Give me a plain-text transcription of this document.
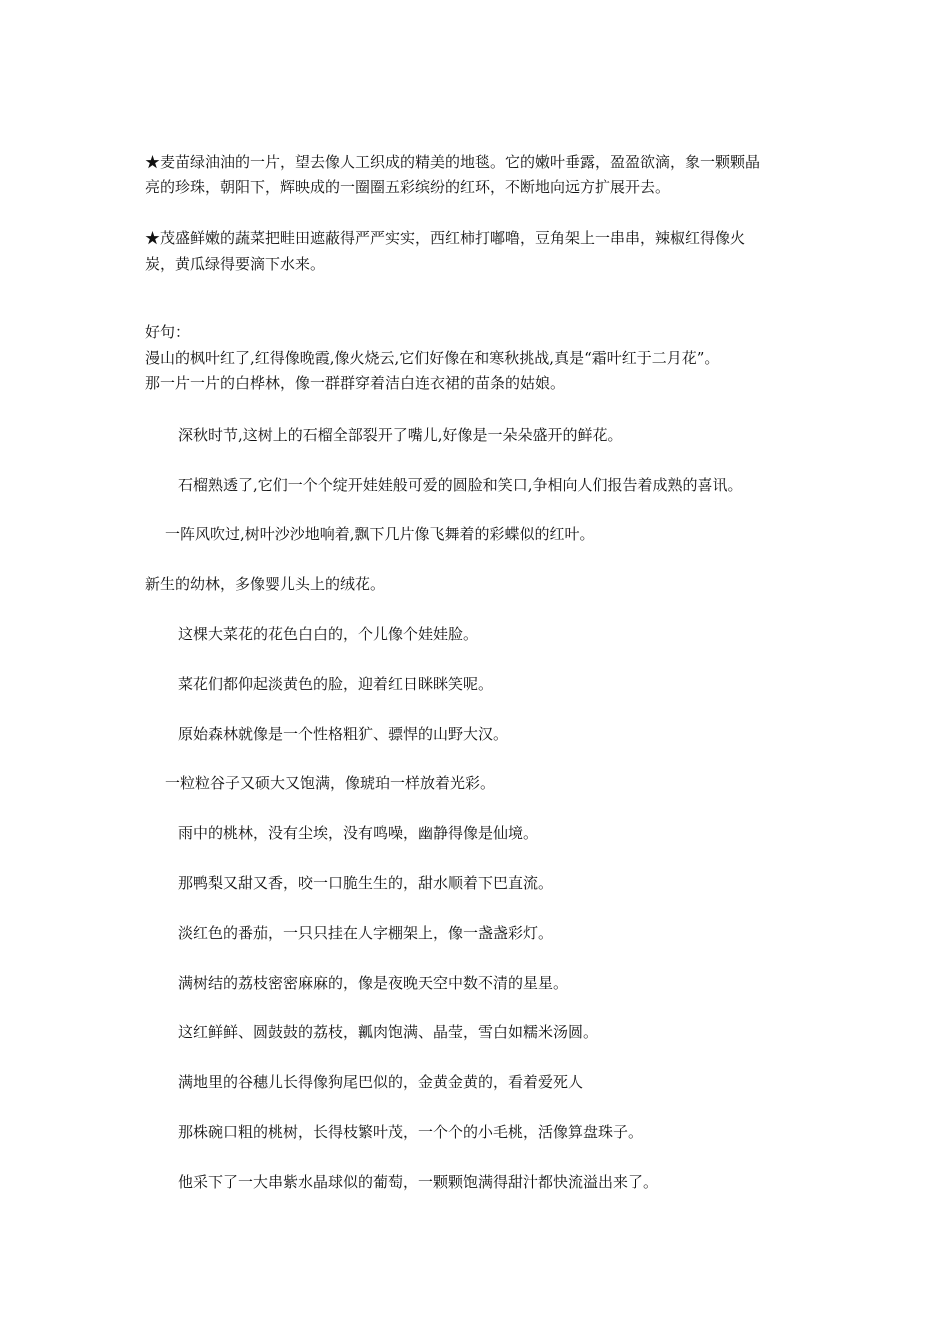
★麦苗绿油油的一片，望去像人工织成的精美的地毯。它的嫩叶垂露，盈盈欲滴，象一颗颗晶
亮的珍珠，朝阳下，辉映成的一圈圈五彩缤纷的红环，不断地向远方扩展开去。
★茂盛鲜嫩的蔬菜把畦田遮蔽得严严实实，西红柿打嘟噜，豆角架上一串串，辣椒红得像火
炭，黄瓜绿得要滴下水来。
好句：
漫山的枫叶红了,红得像晚霞,像火烧云,它们好像在和寒秋挑战,真是“霜叶红于二月花”。
那一片一片的白桦林，像一群群穿着洁白连衣裙的苗条的姑娘。
深秋时节,这树上的石榴全部裂开了嘴儿,好像是一朵朵盛开的鲜花。
石榴熟透了,它们一个个绽开娃娃般可爱的圆脸和笑口,争相向人们报告着成熟的喜讯。
一阵风吹过,树叶沙沙地响着,飘下几片像飞舞着的彩蝶似的红叶。
新生的幼林，多像婴儿头上的绒花。
这棵大菜花的花色白白的，个儿像个娃娃脸。
菜花们都仰起淡黄色的脸，迎着红日眯眯笑呢。
原始森林就像是一个性格粗犷、骠悍的山野大汉。
一粒粒谷子又硕大又饱满，像琥珀一样放着光彩。
雨中的桃林，没有尘埃，没有鸣噪，幽静得像是仙境。
那鸭梨又甜又香，咬一口脆生生的，甜水顺着下巴直流。
淡红色的番茄，一只只挂在人字棚架上，像一盏盏彩灯。
满树结的荔枝密密麻麻的，像是夜晚天空中数不清的星星。
这红鲜鲜、圆鼓鼓的荔枝，瓤肉饱满、晶莹，雪白如糯米汤圆。
满地里的谷穗儿长得像狗尾巴似的，金黄金黄的，看着爱死人
那株碗口粗的桃树，长得枝繁叶茂，一个个的小毛桃，活像算盘珠子。
他采下了一大串紫水晶球似的葡萄，一颗颗饱满得甜汁都快流溢出来了。
